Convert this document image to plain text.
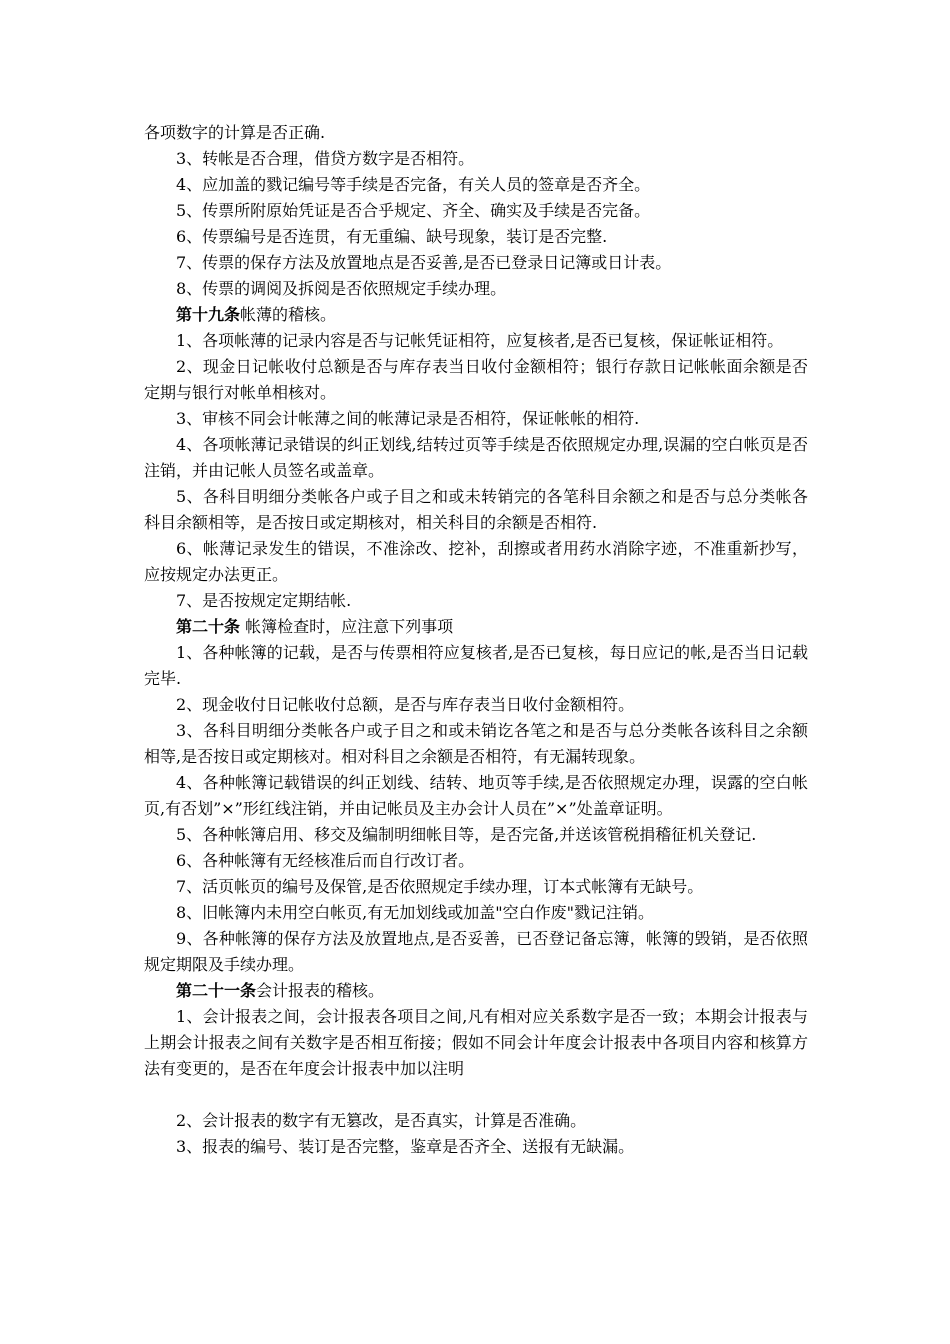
各项数字的计算是否正确.

3、转帐是否合理，借贷方数字是否相符。

4、应加盖的戮记编号等手续是否完备，有关人员的签章是否齐全。

5、传票所附原始凭证是否合乎规定、齐全、确实及手续是否完备。

6、传票编号是否连贯，有无重编、缺号现象，装订是否完整.

7、传票的保存方法及放置地点是否妥善,是否已登录日记簿或日计表。

8、传票的调阅及拆阅是否依照规定手续办理。

第十九条帐薄的稽核。

1、各项帐薄的记录内容是否与记帐凭证相符，应复核者,是否已复核，保证帐证相符。

2、现金日记帐收付总额是否与库存表当日收付金额相符；银行存款日记帐帐面余额是否定期与银行对帐单相核对。

3、审核不同会计帐薄之间的帐薄记录是否相符，保证帐帐的相符.

4、各项帐薄记录错误的纠正划线,结转过页等手续是否依照规定办理,误漏的空白帐页是否注销，并由记帐人员签名或盖章。

5、各科目明细分类帐各户或子目之和或未转销完的各笔科目余额之和是否与总分类帐各科目余额相等，是否按日或定期核对，相关科目的余额是否相符.

6、帐薄记录发生的错误，不准涂改、挖补，刮擦或者用药水消除字迹，不准重新抄写，应按规定办法更正。

7、是否按规定定期结帐.

第二十条 帐簿检查时，应注意下列事项

1、各种帐簿的记载，是否与传票相符应复核者,是否已复核，每日应记的帐,是否当日记载完毕.

2、现金收付日记帐收付总额，是否与库存表当日收付金额相符。

3、各科目明细分类帐各户或子目之和或未销讫各笔之和是否与总分类帐各该科目之余额相等,是否按日或定期核对。相对科目之余额是否相符，有无漏转现象。

4、各种帐簿记载错误的纠正划线、结转、地页等手续,是否依照规定办理，误露的空白帐页,有否划”×”形红线注销，并由记帐员及主办会计人员在”×”处盖章证明。

5、各种帐簿启用、移交及编制明细帐目等，是否完备,并送该管税捐稽征机关登记.

6、各种帐簿有无经核准后而自行改订者。

7、活页帐页的编号及保管,是否依照规定手续办理，订本式帐簿有无缺号。

8、旧帐簿内未用空白帐页,有无加划线或加盖"空白作废"戮记注销。

9、各种帐簿的保存方法及放置地点,是否妥善，已否登记备忘簿，帐簿的毁销，是否依照规定期限及手续办理。

第二十一条会计报表的稽核。

1、会计报表之间，会计报表各项目之间,凡有相对应关系数字是否一致；本期会计报表与上期会计报表之间有关数字是否相互衔接；假如不同会计年度会计报表中各项目内容和核算方法有变更的，是否在年度会计报表中加以注明

2、会计报表的数字有无篡改，是否真实，计算是否准确。

3、报表的编号、装订是否完整，鉴章是否齐全、送报有无缺漏。
